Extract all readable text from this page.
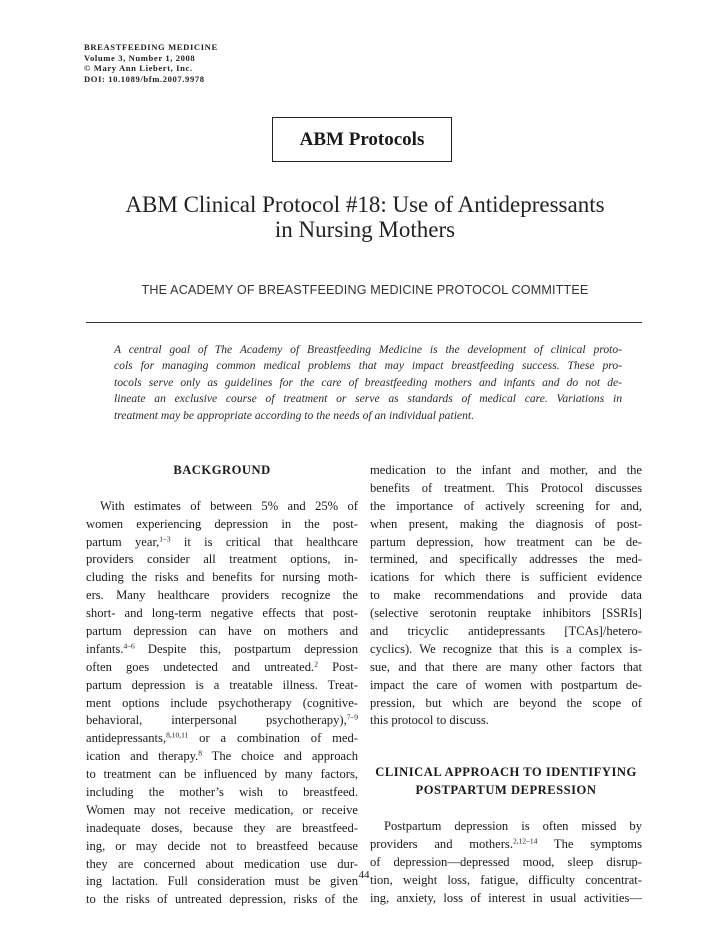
BREASTFEEDING MEDICINE
Volume 3, Number 1, 2008
© Mary Ann Liebert, Inc.
DOI: 10.1089/bfm.2007.9978
ABM Protocols
ABM Clinical Protocol #18: Use of Antidepressants
in Nursing Mothers
THE ACADEMY OF BREASTFEEDING MEDICINE PROTOCOL COMMITTEE
A central goal of The Academy of Breastfeeding Medicine is the development of clinical proto-
cols for managing common medical problems that may impact breastfeeding success. These pro-
tocols serve only as guidelines for the care of breastfeeding mothers and infants and do not de-
lineate an exclusive course of treatment or serve as standards of medical care. Variations in
treatment may be appropriate according to the needs of an individual patient.
BACKGROUND
With estimates of between 5% and 25% of
women experiencing depression in the post-
partum year,$^{1-3}$ it is critical that healthcare
providers consider all treatment options, in-
cluding the risks and benefits for nursing moth-
ers. Many healthcare providers recognize the
short- and long-term negative effects that post-
partum depression can have on mothers and
infants.$^{4-6}$ Despite this, postpartum depression
often goes undetected and untreated.$^2$ Post-
partum depression is a treatable illness. Treat-
ment options include psychotherapy (cognitive-
behavioral, interpersonal psychotherapy),$^{7-9}$
antidepressants,$^{8,10,11}$ or a combination of med-
ication and therapy.$^8$ The choice and approach
to treatment can be influenced by many factors,
including the mother’s wish to breastfeed.
Women may not receive medication, or receive
inadequate doses, because they are breastfeed-
ing, or may decide not to breastfeed because
they are concerned about medication use dur-
ing lactation. Full consideration must be given
to the risks of untreated depression, risks of the
medication to the infant and mother, and the
benefits of treatment. This Protocol discusses
the importance of actively screening for and,
when present, making the diagnosis of post-
partum depression, how treatment can be de-
termined, and specifically addresses the med-
ications for which there is sufficient evidence
to make recommendations and provide data
(selective serotonin reuptake inhibitors [SSRIs]
and tricyclic antidepressants [TCAs]/hetero-
cyclics). We recognize that this is a complex is-
sue, and that there are many other factors that
impact the care of women with postpartum de-
pression, but which are beyond the scope of
this protocol to discuss.
CLINICAL APPROACH TO IDENTIFYING
POSTPARTUM DEPRESSION
Postpartum depression is often missed by
providers and mothers.$^{2,12-14}$ The symptoms
of depression—depressed mood, sleep disrup-
tion, weight loss, fatigue, difficulty concentrat-
ing, anxiety, loss of interest in usual activities—
44
